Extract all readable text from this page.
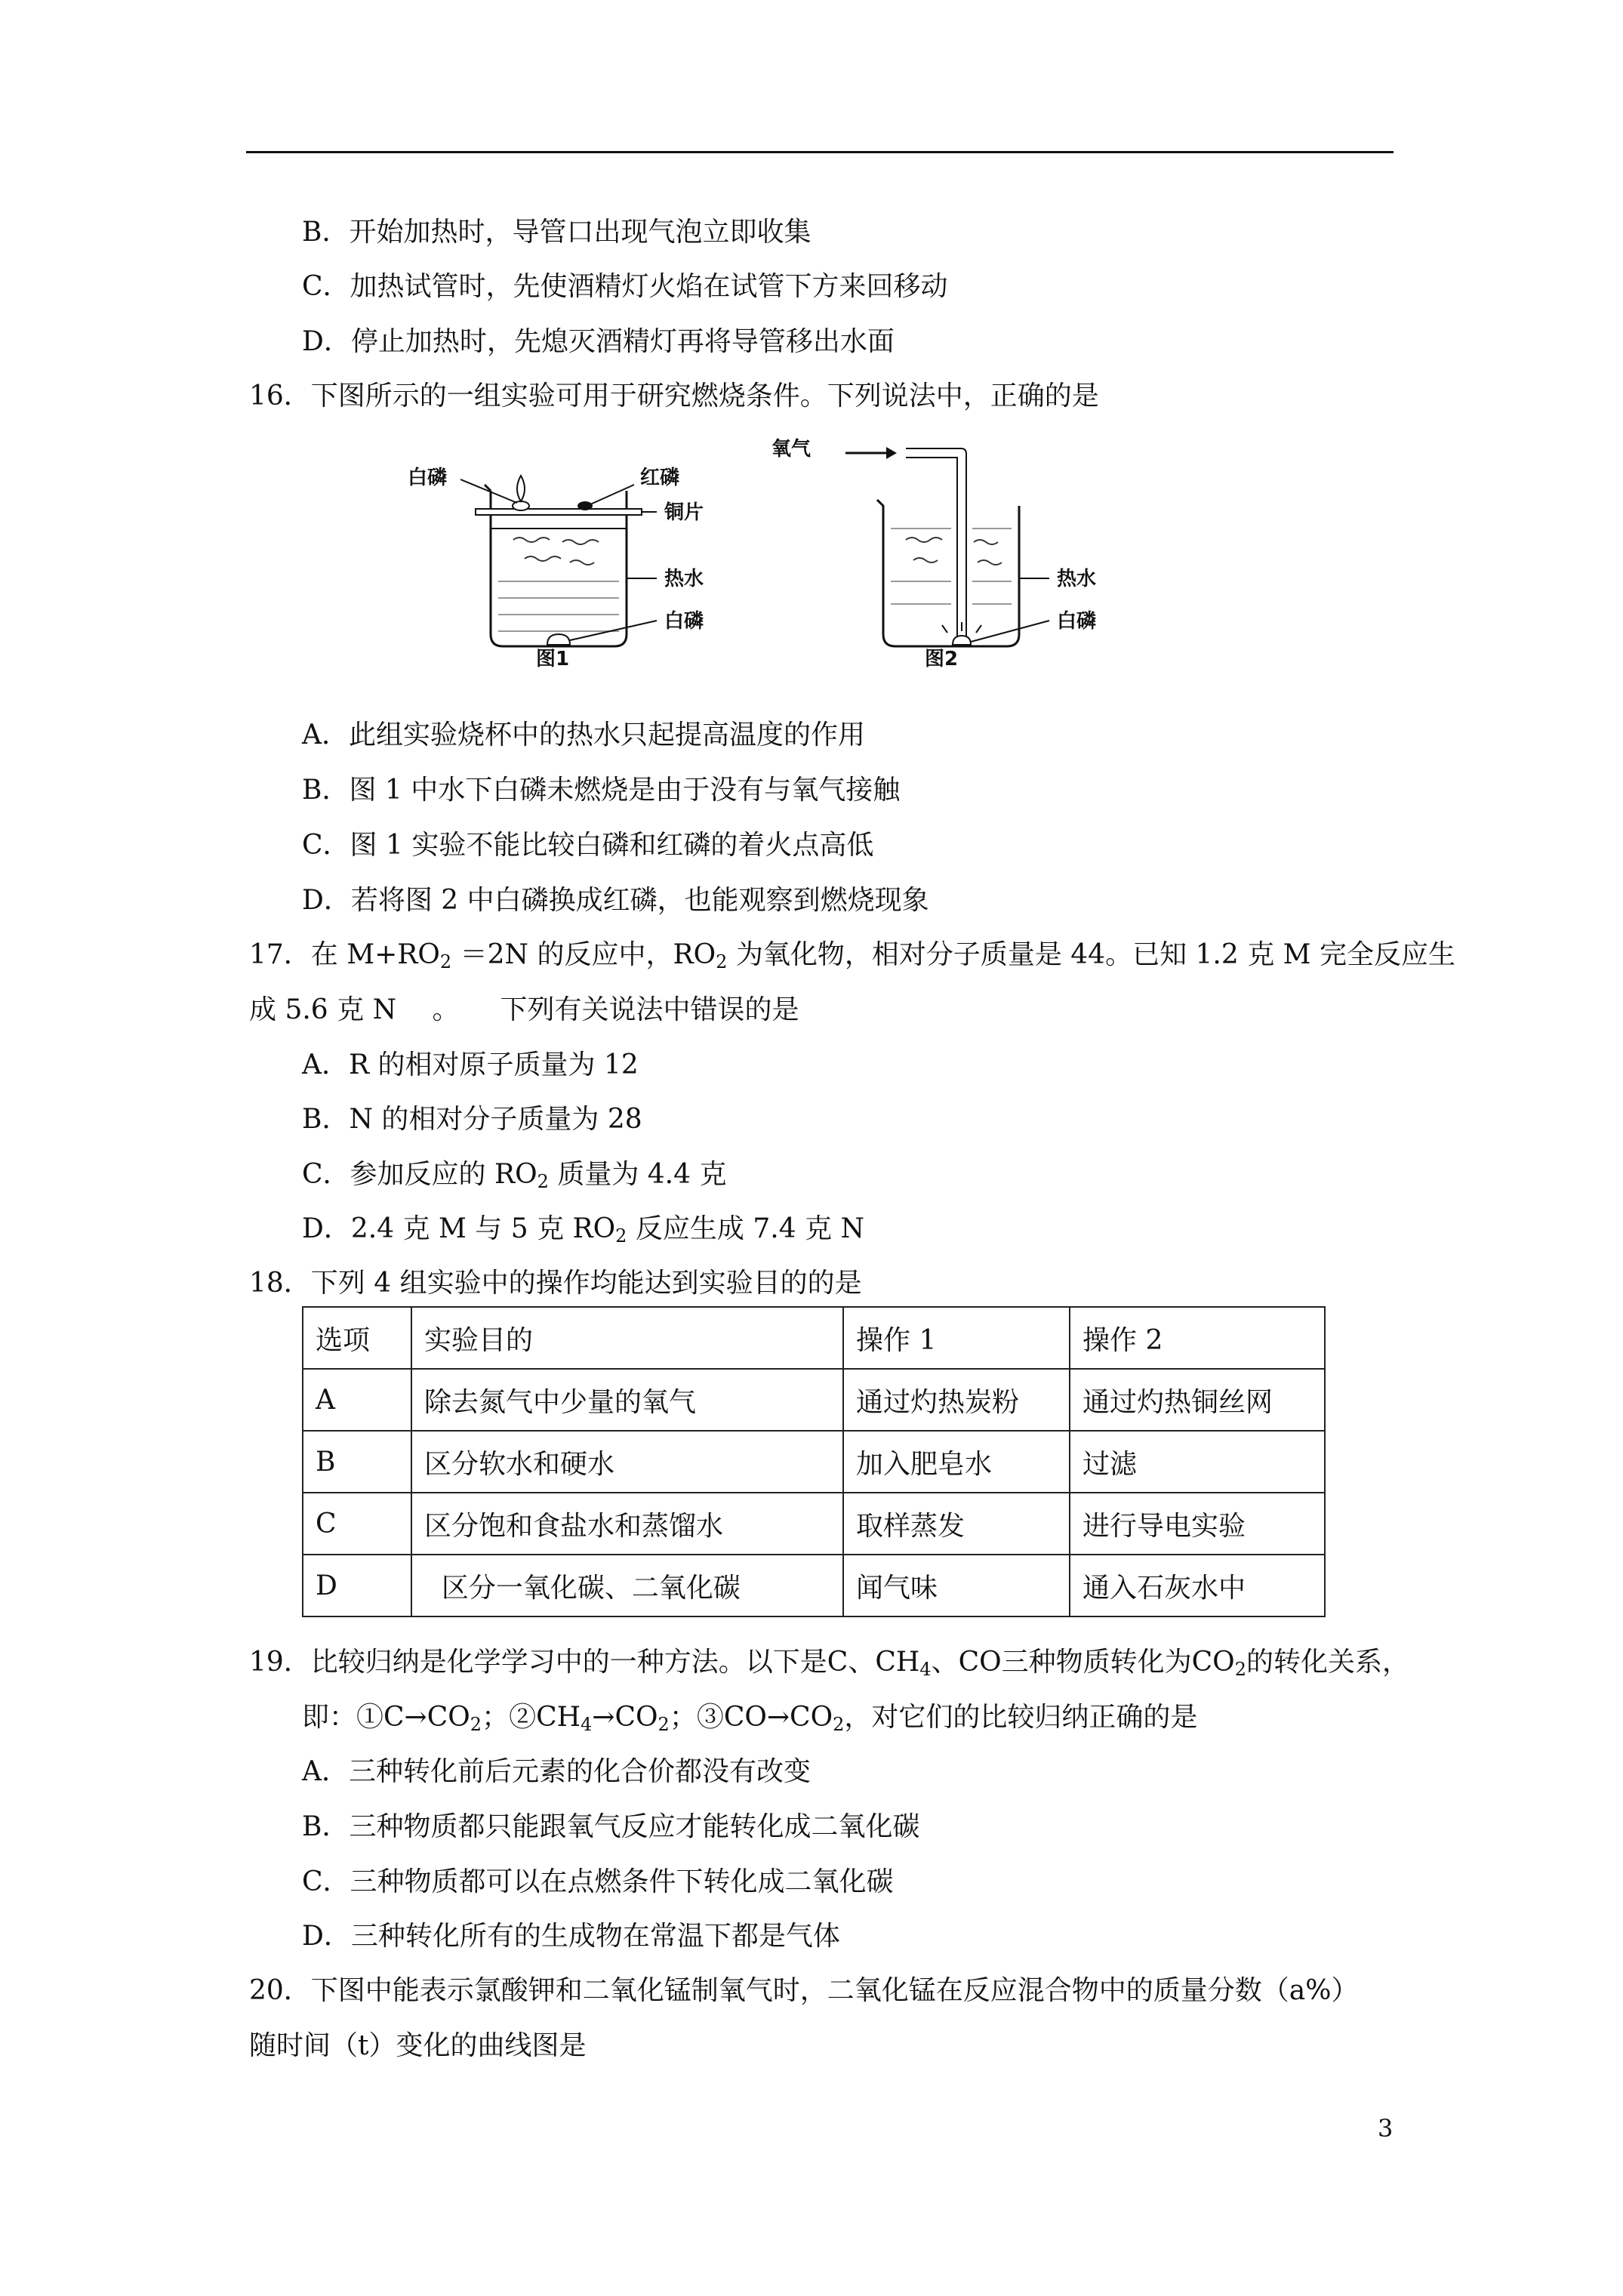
B．开始加热时，导管口出现气泡立即收集
C．加热试管时，先使酒精灯火焰在试管下方来回移动
D．停止加热时，先熄灭酒精灯再将导管移出水面
16．下图所示的一组实验可用于研究燃烧条件。下列说法中，正确的是
白磷	红磷
铜片
热水
白磷
图1
氧气
热水
白磷
图2
A．此组实验烧杯中的热水只起提高温度的作用
B．图 1 中水下白磷未燃烧是由于没有与氧气接触
C．图 1 实验不能比较白磷和红磷的着火点高低
D．若将图 2 中白磷换成红磷，也能观察到燃烧现象
17．在 $M+RO_2 =2N$ 的反应中，$RO_2$ 为氧化物，相对分子质量是 44。已知 1.2 克 M 完全反应生
成 5.6 克 N　 。　　下列有关说法中错误的是
A．R 的相对原子质量为 12
B．N 的相对分子质量为 28
C．参加反应的 $RO_2$ 质量为 4.4 克
D．2.4 克 M 与 5 克 $RO_2$ 反应生成 7.4 克 N
18．下列 4 组实验中的操作均能达到实验目的的是
选项	实验目的	操作 1	操作 2
A	除去氮气中少量的氧气	通过灼热炭粉	通过灼热铜丝网
B	区分软水和硬水	加入肥皂水	过滤
C	区分饱和食盐水和蒸馏水	取样蒸发	进行导电实验
D	区分一氧化碳、二氧化碳	闻气味	通入石灰水中
19．比较归纳是化学学习中的一种方法。以下是C、$CH_4$、CO三种物质转化为$CO_2$的转化关系，
即：$①C\to CO_2$；$②CH_4\to CO_2$；$③CO\to CO_2$，对它们的比较归纳正确的是
A．三种转化前后元素的化合价都没有改变
B．三种物质都只能跟氧气反应才能转化成二氧化碳
C．三种物质都可以在点燃条件下转化成二氧化碳
D．三种转化所有的生成物在常温下都是气体
20．下图中能表示氯酸钾和二氧化锰制氧气时，二氧化锰在反应混合物中的质量分数（a%）
随时间（t）变化的曲线图是
3
